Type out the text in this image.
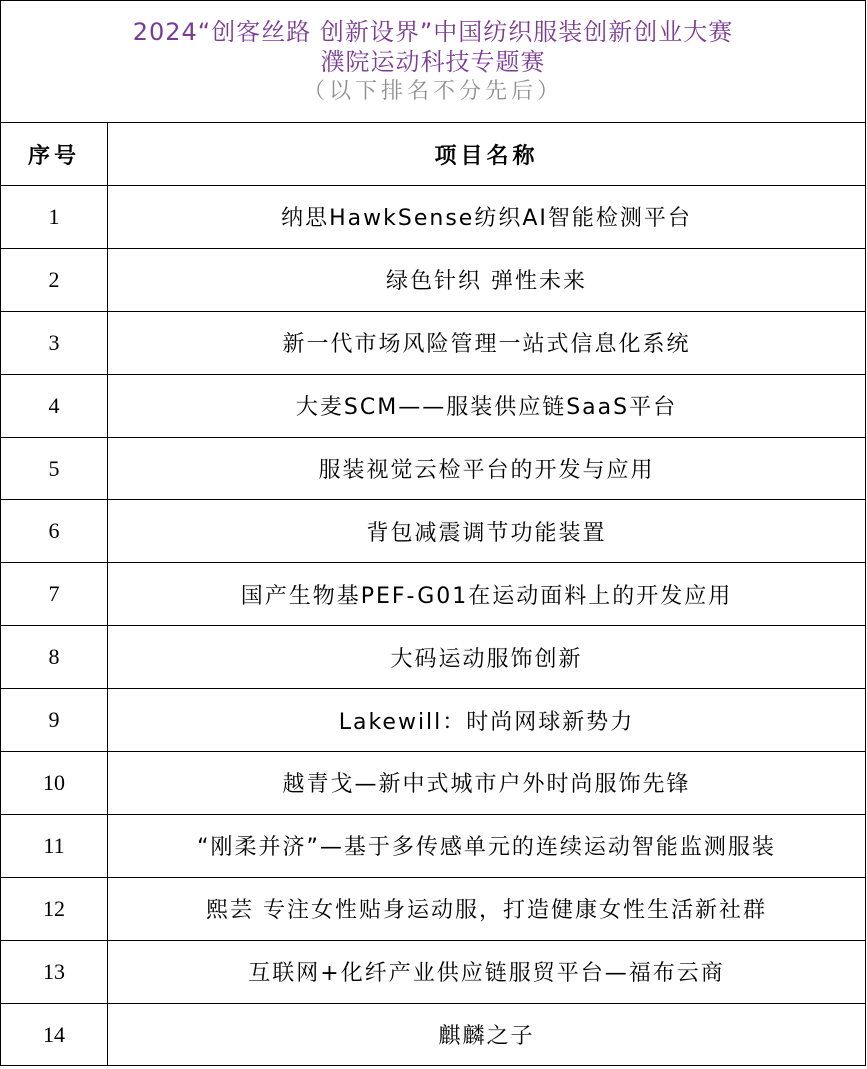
2024“创客丝路 创新设界”中国纺织服装创新创业大赛
濮院运动科技专题赛
（以下排名不分先后）	

序号	项目名称
1	纳思HawkSense纺织AI智能检测平台
2	绿色针织 弹性未来
3	新一代市场风险管理一站式信息化系统
4	大麦SCM——服装供应链SaaS平台
5	服装视觉云检平台的开发与应用
6	背包减震调节功能装置
7	国产生物基PEF-G01在运动面料上的开发应用
8	大码运动服饰创新
9	Lakewill：时尚网球新势力
10	越青戈—新中式城市户外时尚服饰先锋
11	“刚柔并济”—基于多传感单元的连续运动智能监测服装
12	熙芸 专注女性贴身运动服，打造健康女性生活新社群
13	互联网+化纤产业供应链服贸平台—福布云商
14	麒麟之子
